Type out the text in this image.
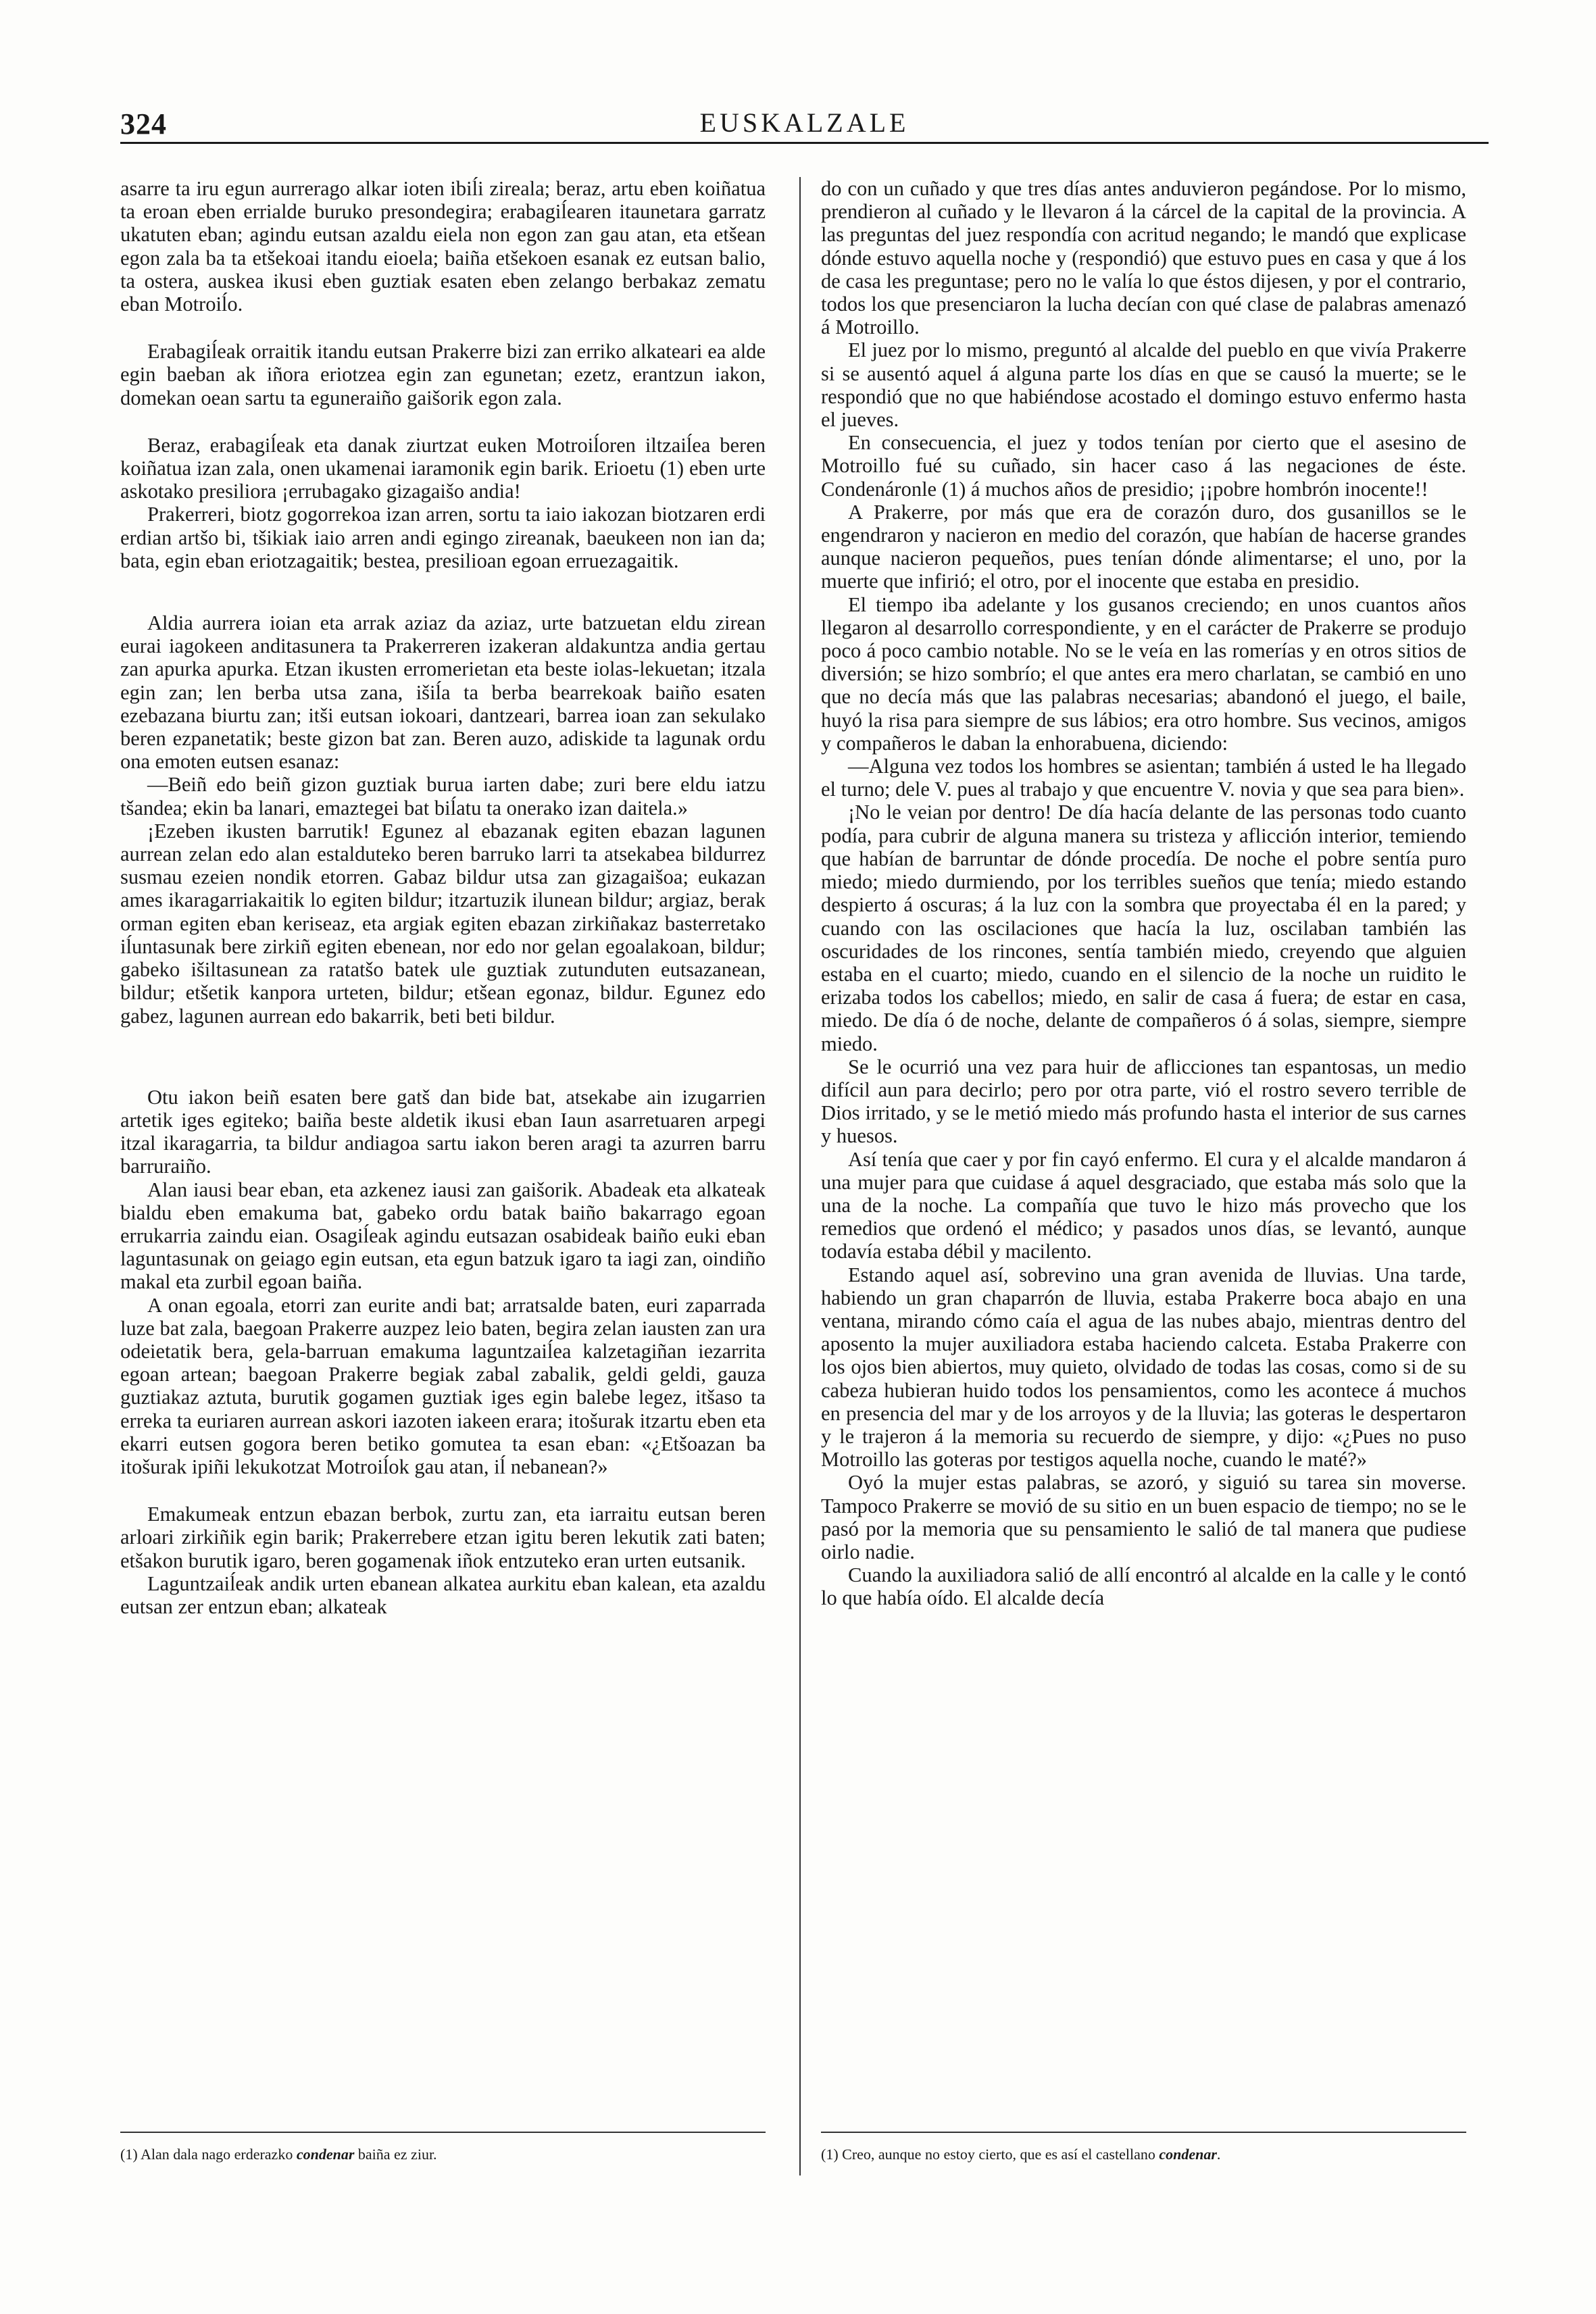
324	EUSKALZALE

asarre ta iru egun aurrerago alkar ioten ibiĺi zireala; beraz, artu eben koiñatua ta eroan eben errialde buruko presondegira; erabagiĺearen itaunetara garratz ukatuten eban; agindu eutsan azaldu eiela non egon zan gau atan, eta etšean egon zala ba ta etšekoai itandu eioela; baiña etšekoen esanak ez eutsan balio, ta ostera, auskea ikusi eben guztiak esaten eben zelango berbakaz zematu eban Motroiĺo.

Erabagiĺeak orraitik itandu eutsan Prakerre bizi zan erriko alkateari ea alde egin baeban ak iñora eriotzea egin zan egunetan; ezetz, erantzun iakon, domekan oean sartu ta eguneraiño gaišorik egon zala.

Beraz, erabagiĺeak eta danak ziurtzat euken Motroiĺoren iltzaiĺea beren koiñatua izan zala, onen ukamenai iaramonik egin barik. Erioetu (1) eben urte askotako presiliora ¡errubagako gizagaišo andia!

Prakerreri, biotz gogorrekoa izan arren, sortu ta iaio iakozan biotzaren erdi erdian artšo bi, tšikiak iaio arren andi egingo zireanak, baeukeen non ian da; bata, egin eban eriotzagaitik; bestea, presilioan egoan erruezagaitik.

Aldia aurrera ioian eta arrak aziaz da aziaz, urte batzuetan eldu zirean eurai iagokeen anditasunera ta Prakerreren izakeran aldakuntza andia gertau zan apurka apurka. Etzan ikusten erromerietan eta beste iolas-lekuetan; itzala egin zan; len berba utsa zana, išiĺa ta berba bearrekoak baiño esaten ezebazana biurtu zan; itši eutsan iokoari, dantzeari, barrea ioan zan sekulako beren ezpanetatik; beste gizon bat zan. Beren auzo, adiskide ta lagunak ordu ona emoten eutsen esanaz:

—Beiñ edo beiñ gizon guztiak burua iarten dabe; zuri bere eldu iatzu tšandea; ekin ba lanari, emaztegei bat biĺatu ta onerako izan daitela.»

¡Ezeben ikusten barrutik! Egunez al ebazanak egiten ebazan lagunen aurrean zelan edo alan estalduteko beren barruko larri ta atsekabea bildurrez susmau ezeien nondik etorren. Gabaz bildur utsa zan gizagaišoa; eukazan ames ikaragarriakaitik lo egiten bildur; itzartuzik ilunean bildur; argiaz, berak orman egiten eban keriseaz, eta argiak egiten ebazan zirkiñakaz basterretako iĺuntasunak bere zirkiñ egiten ebenean, nor edo nor gelan egoalakoan, bildur; gabeko išiltasunean za ratatšo batek ule guztiak zutunduten eutsazanean, bildur; etšetik kanpora urteten, bildur; etšean egonaz, bildur. Egunez edo gabez, lagunen aurrean edo bakarrik, beti beti bildur.

Otu iakon beiñ esaten bere gatš dan bide bat, atsekabe ain izugarrien artetik iges egiteko; baiña beste aldetik ikusi eban Iaun asarretuaren arpegi itzal ikaragarria, ta bildur andiagoa sartu iakon beren aragi ta azurren barru barruraiño.

Alan iausi bear eban, eta azkenez iausi zan gaišorik. Abadeak eta alkateak bialdu eben emakuma bat, gabeko ordu batak baiño bakarrago egoan errukarria zaindu eian. Osagiĺeak agindu eutsazan osabideak baiño euki eban laguntasunak on geiago egin eutsan, eta egun batzuk igaro ta iagi zan, oindiño makal eta zurbil egoan baiña.

A onan egoala, etorri zan eurite andi bat; arratsalde baten, euri zaparrada luze bat zala, baegoan Prakerre auzpez leio baten, begira zelan iausten zan ura odeietatik bera, gela-barruan emakuma laguntzaiĺea kalzetagiñan iezarrita egoan artean; baegoan Prakerre begiak zabal zabalik, geldi geldi, gauza guztiakaz aztuta, burutik gogamen guztiak iges egin balebe legez, itšaso ta erreka ta euriaren aurrean askori iazoten iakeen erara; itošurak itzartu eben eta ekarri eutsen gogora beren betiko gomutea ta esan eban: «¿Etšoazan ba itošurak ipiñi lekukotzat Motroiĺok gau atan, iĺ nebanean?»

Emakumeak entzun ebazan berbok, zurtu zan, eta iarraitu eutsan beren arloari zirkiñik egin barik; Prakerrebere etzan igitu beren lekutik zati baten; etšakon burutik igaro, beren gogamenak iñok entzuteko eran urten eutsanik.

Laguntzaiĺeak andik urten ebanean alkatea aurkitu eban kalean, eta azaldu eutsan zer entzun eban; alkateak

do con un cuñado y que tres días antes anduvieron pegándose. Por lo mismo, prendieron al cuñado y le llevaron á la cárcel de la capital de la provincia. A las preguntas del juez respondía con acritud negando; le mandó que explicase dónde estuvo aquella noche y (respondió) que estuvo pues en casa y que á los de casa les preguntase; pero no le valía lo que éstos dijesen, y por el contrario, todos los que presenciaron la lucha decían con qué clase de palabras amenazó á Motroillo.

El juez por lo mismo, preguntó al alcalde del pueblo en que vivía Prakerre si se ausentó aquel á alguna parte los días en que se causó la muerte; se le respondió que no que habiéndose acostado el domingo estuvo enfermo hasta el jueves.

En consecuencia, el juez y todos tenían por cierto que el asesino de Motroillo fué su cuñado, sin hacer caso á las negaciones de éste. Condenáronle (1) á muchos años de presidio; ¡¡pobre hombrón inocente!!

A Prakerre, por más que era de corazón duro, dos gusanillos se le engendraron y nacieron en medio del corazón, que habían de hacerse grandes aunque nacieron pequeños, pues tenían dónde alimentarse; el uno, por la muerte que infirió; el otro, por el inocente que estaba en presidio.

El tiempo iba adelante y los gusanos creciendo; en unos cuantos años llegaron al desarrollo correspondiente, y en el carácter de Prakerre se produjo poco á poco cambio notable. No se le veía en las romerías y en otros sitios de diversión; se hizo sombrío; el que antes era mero charlatan, se cambió en uno que no decía más que las palabras necesarias; abandonó el juego, el baile, huyó la risa para siempre de sus lábios; era otro hombre. Sus vecinos, amigos y compañeros le daban la enhorabuena, diciendo:

—Alguna vez todos los hombres se asientan; también á usted le ha llegado el turno; dele V. pues al trabajo y que encuentre V. novia y que sea para bien».

¡No le veian por dentro! De día hacía delante de las personas todo cuanto podía, para cubrir de alguna manera su tristeza y aflicción interior, temiendo que habían de barruntar de dónde procedía. De noche el pobre sentía puro miedo; miedo durmiendo, por los terribles sueños que tenía; miedo estando despierto á oscuras; á la luz con la sombra que proyectaba él en la pared; y cuando con las oscilaciones que hacía la luz, oscilaban también las oscuridades de los rincones, sentía también miedo, creyendo que alguien estaba en el cuarto; miedo, cuando en el silencio de la noche un ruidito le erizaba todos los cabellos; miedo, en salir de casa á fuera; de estar en casa, miedo. De día ó de noche, delante de compañeros ó á solas, siempre, siempre miedo.

Se le ocurrió una vez para huir de aflicciones tan espantosas, un medio difícil aun para decirlo; pero por otra parte, vió el rostro severo terrible de Dios irritado, y se le metió miedo más profundo hasta el interior de sus carnes y huesos.

Así tenía que caer y por fin cayó enfermo. El cura y el alcalde mandaron á una mujer para que cuidase á aquel desgraciado, que estaba más solo que la una de la noche. La compañía que tuvo le hizo más provecho que los remedios que ordenó el médico; y pasados unos días, se levantó, aunque todavía estaba débil y macilento.

Estando aquel así, sobrevino una gran avenida de lluvias. Una tarde, habiendo un gran chaparrón de lluvia, estaba Prakerre boca abajo en una ventana, mirando cómo caía el agua de las nubes abajo, mientras dentro del aposento la mujer auxiliadora estaba haciendo calceta. Estaba Prakerre con los ojos bien abiertos, muy quieto, olvidado de todas las cosas, como si de su cabeza hubieran huido todos los pensamientos, como les acontece á muchos en presencia del mar y de los arroyos y de la lluvia; las goteras le despertaron y le trajeron á la memoria su recuerdo de siempre, y dijo: «¿Pues no puso Motroillo las goteras por testigos aquella noche, cuando le maté?»

Oyó la mujer estas palabras, se azoró, y siguió su tarea sin moverse. Tampoco Prakerre se movió de su sitio en un buen espacio de tiempo; no se le pasó por la memoria que su pensamiento le salió de tal manera que pudiese oirlo nadie.

Cuando la auxiliadora salió de allí encontró al alcalde en la calle y le contó lo que había oído. El alcalde decía

(1) Alan dala nago erderazko condenar baiña ez ziur.	(1) Creo, aunque no estoy cierto, que es así el castellano condenar.
